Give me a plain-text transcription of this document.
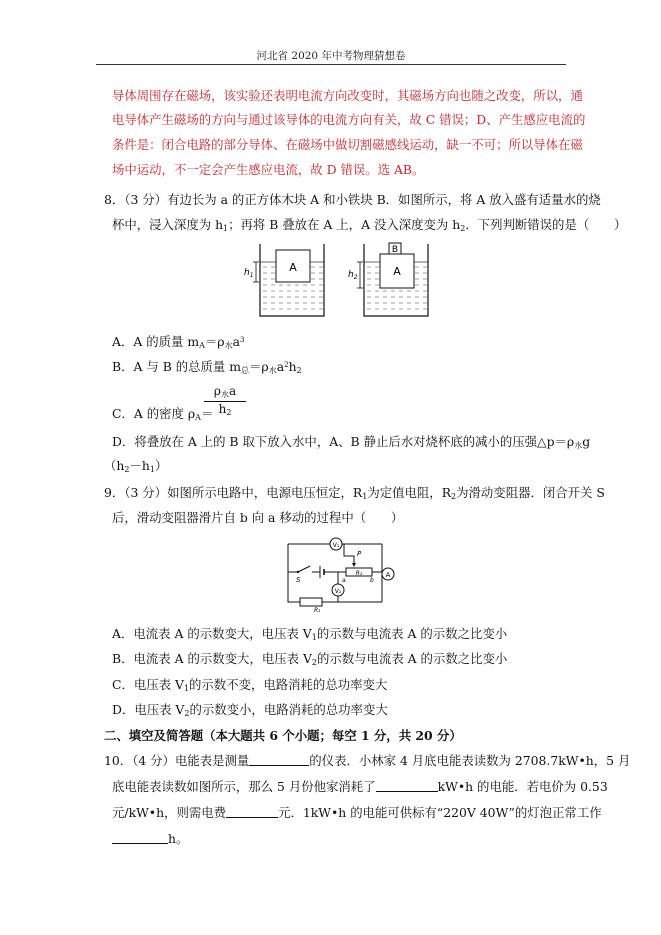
河北省 2020 年中考物理猜想卷
导体周围存在磁场，该实验还表明电流方向改变时，其磁场方向也随之改变，所以，通
电导体产生磁场的方向与通过该导体的电流方向有关，故 C 错误；D、产生感应电流的
条件是：闭合电路的部分导体、在磁场中做切割磁感线运动，缺一不可；所以导体在磁
场中运动，不一定会产生感应电流，故 D 错误。选 AB。
8．（3 分）有边长为 a 的正方体木块 A 和小铁块 B．如图所示，将 A 放入盛有适量水的烧
杯中，浸入深度为 $h_1$；再将 B 叠放在 A 上，A 没入深度变为 $h_2$．下列判断错误的是（　　）
A
$h_1$
B
A
$h_2$
A．A 的质量 $m_A=\rho_水a^3$
B．A 与 B 的总质量 $m_总=\rho_水a^2h_2$
C．A 的密度 $\rho_A=$
$\rho_水a$
$h_2$
D．将叠放在 A 上的 B 取下放入水中，A、B 静止后水对烧杯底的减小的压强$\triangle p=\rho_水g$
$(h_2-h_1)$
9．（3 分）如图所示电路中，电源电压恒定，$R_1$为定值电阻，$R_2$为滑动变阻器．闭合开关 S
后，滑动变阻器滑片自 b 向 a 移动的过程中（　　）
V₁
S
R₂
P
a	b
V₂
R₁
A
A．电流表 A 的示数变大，电压表 $V_1$的示数与电流表 A 的示数之比变小
B．电流表 A 的示数变大，电压表 $V_2$的示数与电流表 A 的示数之比变小
C．电压表 $V_1$的示数不变，电路消耗的总功率变大
D．电压表 $V_2$的示数变小，电路消耗的总功率变大
二、填空及简答题（本大题共 6 个小题；每空 1 分，共 20 分）
10．（4 分）电能表是测量	的仪表．小林家 4 月底电能表读数为 2708.7kW•h，5 月
底电能表读数如图所示，那么 5 月份他家消耗了	kW•h 的电能．若电价为 0.53
元/kW•h，则需电费	元．1kW•h 的电能可供标有“220V 40W”的灯泡正常工作
h。
